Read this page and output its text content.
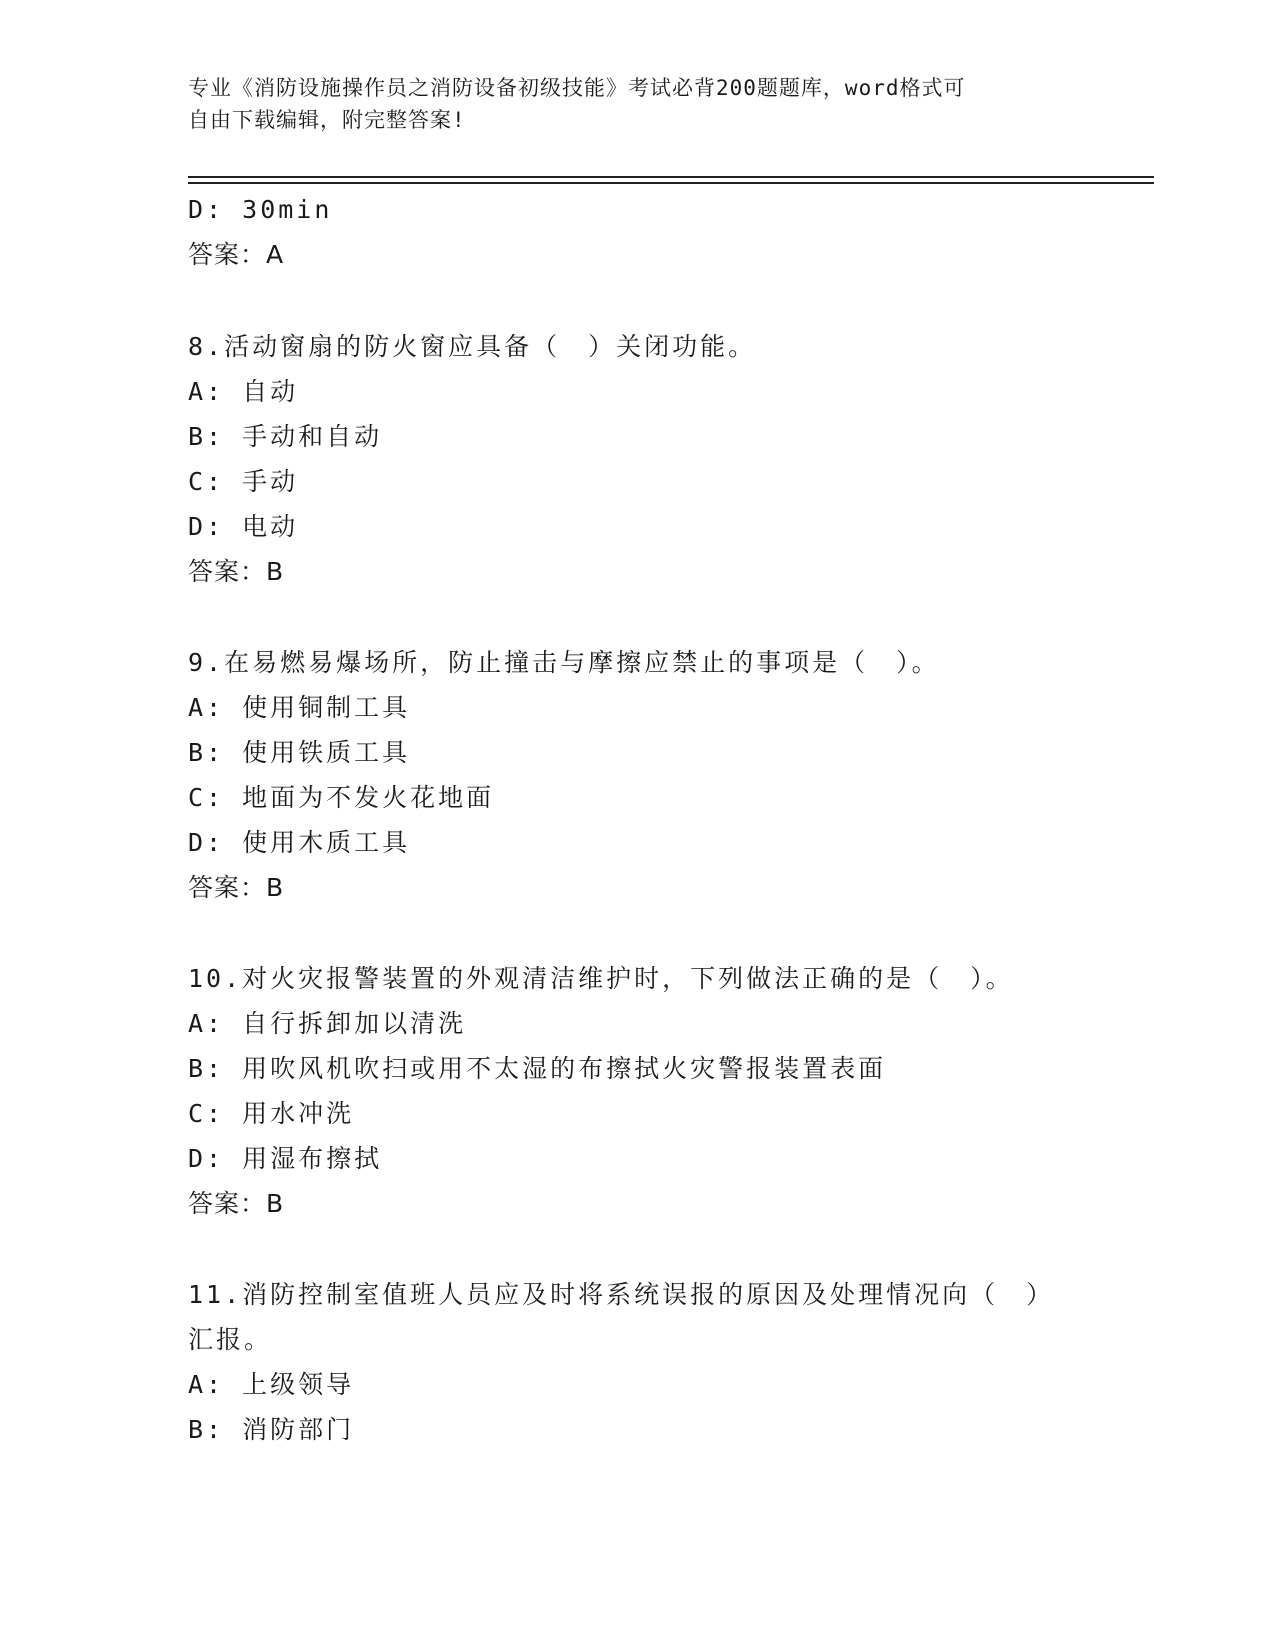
专业《消防设施操作员之消防设备初级技能》考试必背200题题库，word格式可

自由下载编辑，附完整答案!

D: 30min
答案：A
8.活动窗扇的防火窗应具备（　）关闭功能。
A: 自动
B: 手动和自动
C: 手动
D: 电动
答案：B
9.在易燃易爆场所，防止撞击与摩擦应禁止的事项是（　）。
A: 使用铜制工具
B: 使用铁质工具
C: 地面为不发火花地面
D: 使用木质工具
答案：B
10.对火灾报警装置的外观清洁维护时，下列做法正确的是（　）。
A: 自行拆卸加以清洗
B: 用吹风机吹扫或用不太湿的布擦拭火灾警报装置表面
C: 用水冲洗
D: 用湿布擦拭
答案：B
11.消防控制室值班人员应及时将系统误报的原因及处理情况向（　）
汇报。
A: 上级领导
B: 消防部门
